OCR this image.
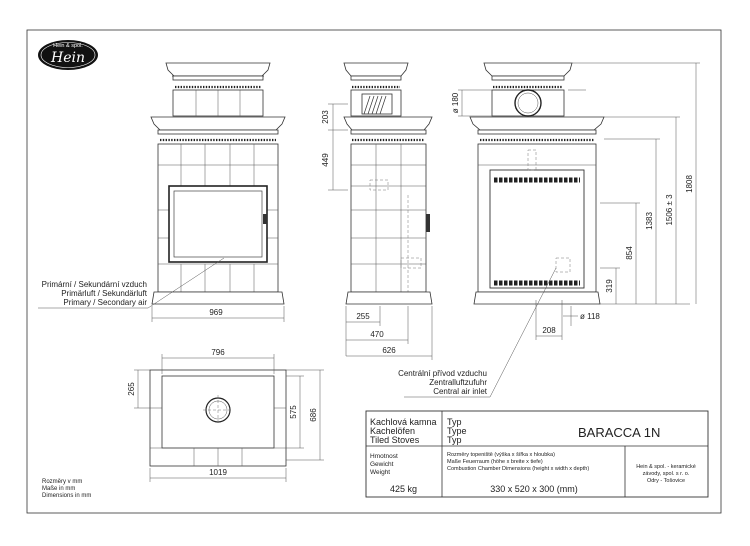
Hein & spol.
Hein
969
Primární / Sekundární vzduch
Primärluft / Sekundärluft
Primary / Secondary air
203
449
255
470
626
ø 180
319
854
1383 1506 ± 3
1808
208
ø 118
Centrální přívod vzduchu
Zentralluftzufuhr
Central air inlet
796
265
575 686
1019
Rozměry v mm
Maße in mm
Dimensions in mm
Kachlová kamna
Kachelöfen
Tiled Stoves
Typ
Type
Typ	BARACCA 1N
Hmotnost
Gewicht
Weight
425 kg
Rozměry topeniště (výška x šířka x hloubka)
Maße Feuerraum (höhe x breite x tiefe)
Combustion Chamber Dimensions (height x width x depth)
330 x 520 x 300 (mm)
Hein & spol. - keramické
závody, spol. s r. o.
Odry - Tošovice
